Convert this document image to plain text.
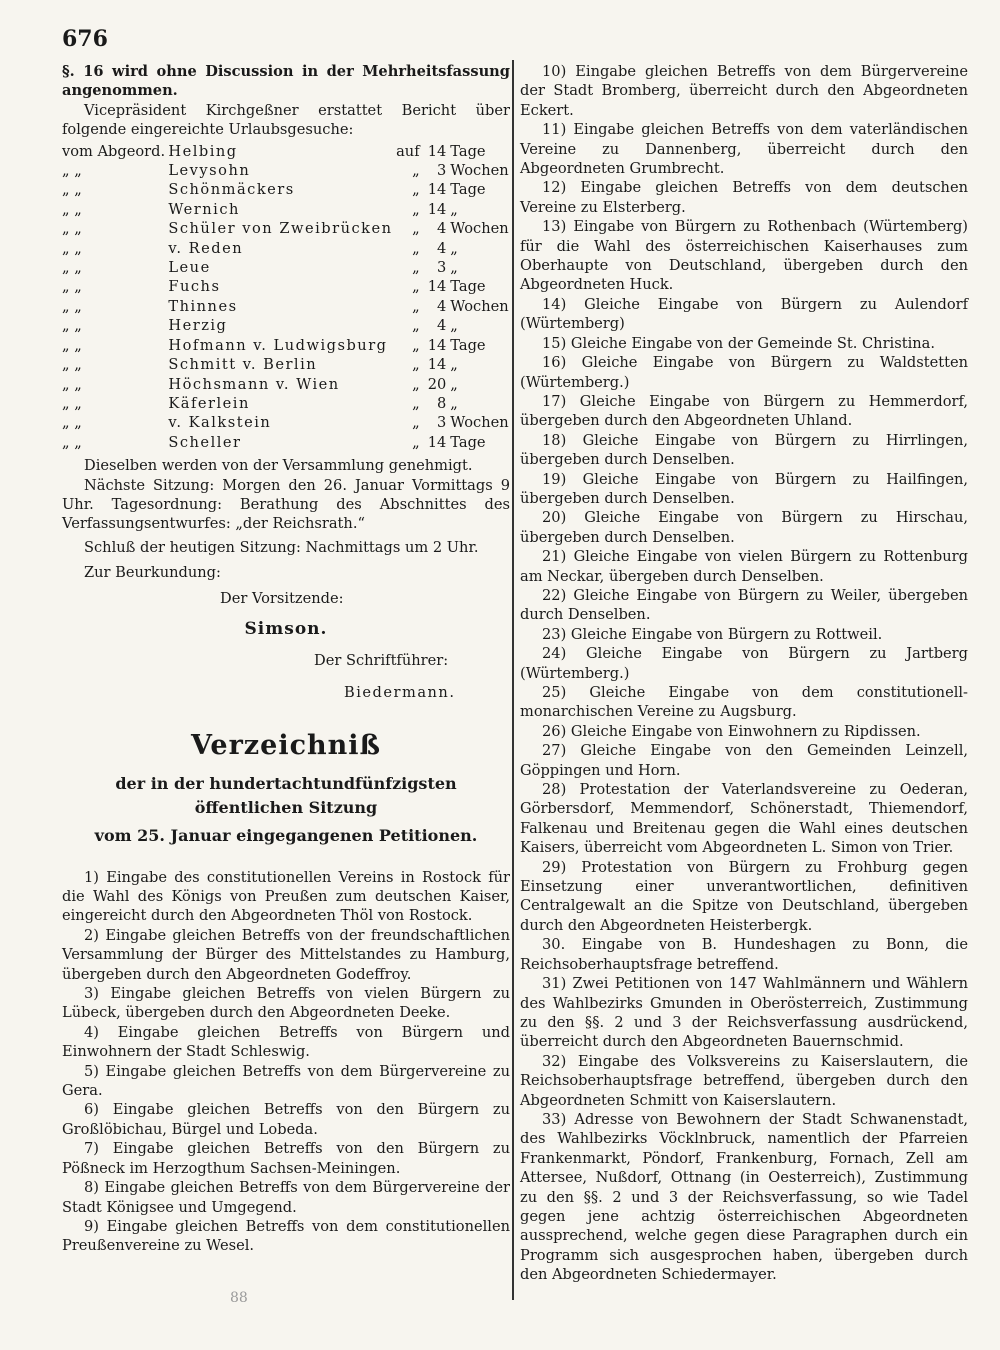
676

§. 16 wird ohne Discussion in der Mehrheitsfassung angenommen.

Vicepräsident Kirchgeßner erstattet Bericht über folgende eingereichte Urlaubsgesuche:

vom Abgeord.	Helbing	auf 14	Tage
„ „	Levysohn	„ 3	Wochen
„ „	Schönmäckers	„ 14	Tage
„ „	Wernich	„ 14	„
„ „	Schüler von Zweibrücken	„ 4	Wochen
„ „	v. Reden	„ 4	„
„ „	Leue	„ 3	„
„ „	Fuchs	„ 14	Tage
„ „	Thinnes	„ 4	Wochen
„ „	Herzig	„ 4	„
„ „	Hofmann v. Ludwigsburg	„ 14	Tage
„ „	Schmitt v. Berlin	„ 14	„
„ „	Höchsmann v. Wien	„ 20	„
„ „	Käferlein	„ 8	„
„ „	v. Kalkstein	„ 3	Wochen
„ „	Scheller	„ 14	Tage

Dieselben werden von der Versammlung genehmigt.

Nächste Sitzung: Morgen den 26. Januar Vormittags 9 Uhr. Tagesordnung: Berathung des Abschnittes des Verfassungsentwurfes: „der Reichsrath.“

Schluß der heutigen Sitzung: Nachmittags um 2 Uhr.

Zur Beurkundung:

Der Vorsitzende:
Simson.
Der Schriftführer:
Biedermann.
Verzeichniß
der in der hundertachtundfünfzigsten öffentlichen Sitzung
vom 25. Januar eingegangenen Petitionen.

1) Eingabe des constitutionellen Vereins in Rostock für die Wahl des Königs von Preußen zum deutschen Kaiser, eingereicht durch den Abgeordneten Thöl von Rostock.

2) Eingabe gleichen Betreffs von der freundschaftlichen Versammlung der Bürger des Mittelstandes zu Hamburg, übergeben durch den Abgeordneten Godeffroy.

3) Eingabe gleichen Betreffs von vielen Bürgern zu Lübeck, übergeben durch den Abgeordneten Deeke.

4) Eingabe gleichen Betreffs von Bürgern und Einwohnern der Stadt Schleswig.

5) Eingabe gleichen Betreffs von dem Bürgervereine zu Gera.

6) Eingabe gleichen Betreffs von den Bürgern zu Großlöbichau, Bürgel und Lobeda.

7) Eingabe gleichen Betreffs von den Bürgern zu Pößneck im Herzogthum Sachsen-Meiningen.

8) Eingabe gleichen Betreffs von dem Bürgervereine der Stadt Königsee und Umgegend.

9) Eingabe gleichen Betreffs von dem constitutionellen Preußenvereine zu Wesel.

10) Eingabe gleichen Betreffs von dem Bürgervereine der Stadt Bromberg, überreicht durch den Abgeordneten Eckert.

11) Eingabe gleichen Betreffs von dem vaterländischen Vereine zu Dannenberg, überreicht durch den Abgeordneten Grumbrecht.

12) Eingabe gleichen Betreffs von dem deutschen Vereine zu Elsterberg.

13) Eingabe von Bürgern zu Rothenbach (Würtemberg) für die Wahl des österreichischen Kaiserhauses zum Oberhaupte von Deutschland, übergeben durch den Abgeordneten Huck.

14) Gleiche Eingabe von Bürgern zu Aulendorf (Würtemberg)

15) Gleiche Eingabe von der Gemeinde St. Christina.

16) Gleiche Eingabe von Bürgern zu Waldstetten (Würtemberg.)

17) Gleiche Eingabe von Bürgern zu Hemmerdorf, übergeben durch den Abgeordneten Uhland.

18) Gleiche Eingabe von Bürgern zu Hirrlingen, übergeben durch Denselben.

19) Gleiche Eingabe von Bürgern zu Hailfingen, übergeben durch Denselben.

20) Gleiche Eingabe von Bürgern zu Hirschau, übergeben durch Denselben.

21) Gleiche Eingabe von vielen Bürgern zu Rottenburg am Neckar, übergeben durch Denselben.

22) Gleiche Eingabe von Bürgern zu Weiler, übergeben durch Denselben.

23) Gleiche Eingabe von Bürgern zu Rottweil.

24) Gleiche Eingabe von Bürgern zu Jartberg (Würtemberg.)

25) Gleiche Eingabe von dem constitutionell-monarchischen Vereine zu Augsburg.

26) Gleiche Eingabe von Einwohnern zu Ripdissen.

27) Gleiche Eingabe von den Gemeinden Leinzell, Göppingen und Horn.

28) Protestation der Vaterlandsvereine zu Oederan, Görbersdorf, Memmendorf, Schönerstadt, Thiemendorf, Falkenau und Breitenau gegen die Wahl eines deutschen Kaisers, überreicht vom Abgeordneten L. Simon von Trier.

29) Protestation von Bürgern zu Frohburg gegen Einsetzung einer unverantwortlichen, definitiven Centralgewalt an die Spitze von Deutschland, übergeben durch den Abgeordneten Heisterbergk.

30. Eingabe von B. Hundeshagen zu Bonn, die Reichsoberhauptsfrage betreffend.

31) Zwei Petitionen von 147 Wahlmännern und Wählern des Wahlbezirks Gmunden in Oberösterreich, Zustimmung zu den §§. 2 und 3 der Reichsverfassung ausdrückend, überreicht durch den Abgeordneten Bauernschmid.

32) Eingabe des Volksvereins zu Kaiserslautern, die Reichsoberhauptsfrage betreffend, übergeben durch den Abgeordneten Schmitt von Kaiserslautern.

33) Adresse von Bewohnern der Stadt Schwanenstadt, des Wahlbezirks Vöcklnbruck, namentlich der Pfarreien Frankenmarkt, Pöndorf, Frankenburg, Fornach, Zell am Attersee, Nußdorf, Ottnang (in Oesterreich), Zustimmung zu den §§. 2 und 3 der Reichsverfassung, so wie Tadel gegen jene achtzig österreichischen Abgeordneten aussprechend, welche gegen diese Paragraphen durch ein Programm sich ausgesprochen haben, übergeben durch den Abgeordneten Schiedermayer.

88
